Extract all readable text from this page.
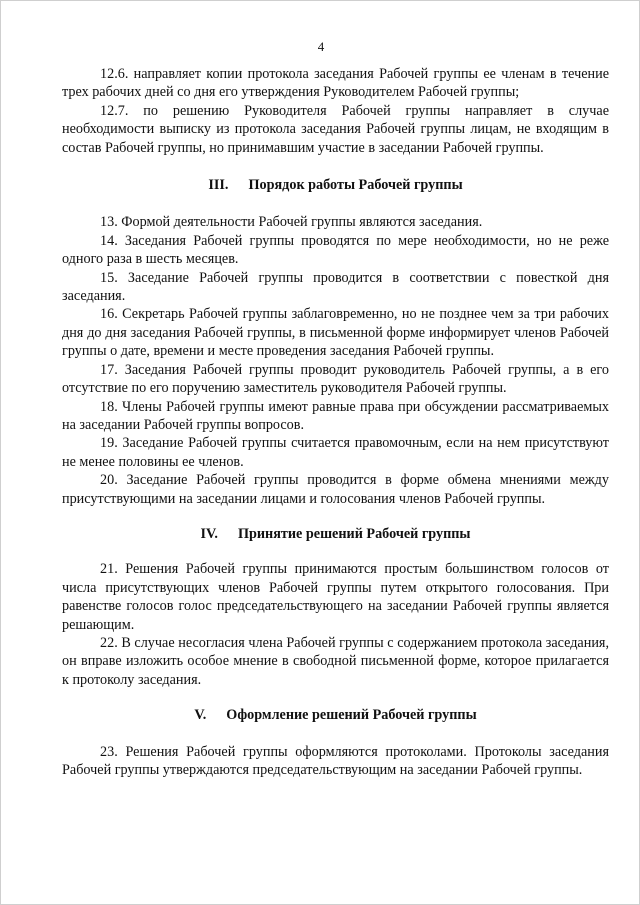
4

12.6. направляет копии протокола заседания Рабочей группы ее членам в течение трех рабочих дней со дня его утверждения Руководителем Рабочей группы;

12.7. по решению Руководителя Рабочей группы направляет в случае необходимости выписку из протокола заседания Рабочей группы лицам, не входящим в состав Рабочей группы, но принимавшим участие в заседании Рабочей группы.

III. Порядок работы Рабочей группы

13. Формой деятельности Рабочей группы являются заседания.

14. Заседания Рабочей группы проводятся по мере необходимости, но не реже одного раза в шесть месяцев.

15. Заседание Рабочей группы проводится в соответствии с повесткой дня заседания.

16. Секретарь Рабочей группы заблаговременно, но не позднее чем за три рабочих дня до дня заседания Рабочей группы, в письменной форме информирует членов Рабочей группы о дате, времени и месте проведения заседания Рабочей группы.

17. Заседания Рабочей группы проводит руководитель Рабочей группы, а в его отсутствие по его поручению заместитель руководителя Рабочей группы.

18. Члены Рабочей группы имеют равные права при обсуждении рассматриваемых на заседании Рабочей группы вопросов.

19. Заседание Рабочей группы считается правомочным, если на нем присутствуют не менее половины ее членов.

20. Заседание Рабочей группы проводится в форме обмена мнениями между присутствующими на заседании лицами и голосования членов Рабочей группы.

IV. Принятие решений Рабочей группы

21. Решения Рабочей группы принимаются простым большинством голосов от числа присутствующих членов Рабочей группы путем открытого голосования. При равенстве голосов голос председательствующего на заседании Рабочей группы является решающим.

22. В случае несогласия члена Рабочей группы с содержанием протокола заседания, он вправе изложить особое мнение в свободной письменной форме, которое прилагается к протоколу заседания.

V. Оформление решений Рабочей группы

23. Решения Рабочей группы оформляются протоколами. Протоколы заседания Рабочей группы утверждаются председательствующим на заседании Рабочей группы.
